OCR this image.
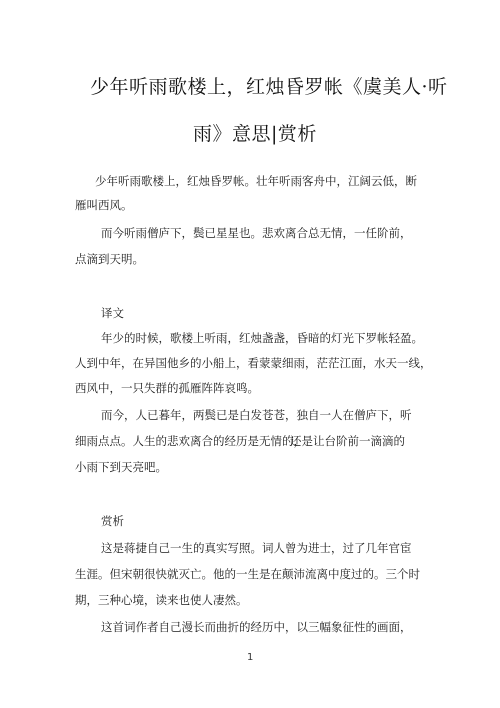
少年听雨歌楼上，红烛昏罗帐《虞美人·听
雨》意思|赏析
少年听雨歌楼上，红烛昏罗帐。壮年听雨客舟中，江阔云低，断
雁叫西风。
而今听雨僧庐下，鬓已星星也。悲欢离合总无情，一任阶前，
点滴到天明。
译文
年少的时候，歌楼上听雨，红烛盏盏，昏暗的灯光下罗帐轻盈。
人到中年，在异国他乡的小船上，看蒙蒙细雨，茫茫江面，水天一线，
西风中，一只失群的孤雁阵阵哀鸣。
而今，人已暮年，两鬓已是白发苍苍，独自一人在僧庐下，听
细雨点点。人生的悲欢离合的经历是无情的，
还是让台阶前一滴滴的
小雨下到天亮吧。
赏析
这是蒋捷自己一生的真实写照。词人曾为进士，过了几年官宦
生涯。但宋朝很快就灭亡。他的一生是在颠沛流离中度过的。三个时
期，三种心境，读来也使人凄然。
这首词作者自己漫长而曲折的经历中，以三幅象征性的画面，
1
